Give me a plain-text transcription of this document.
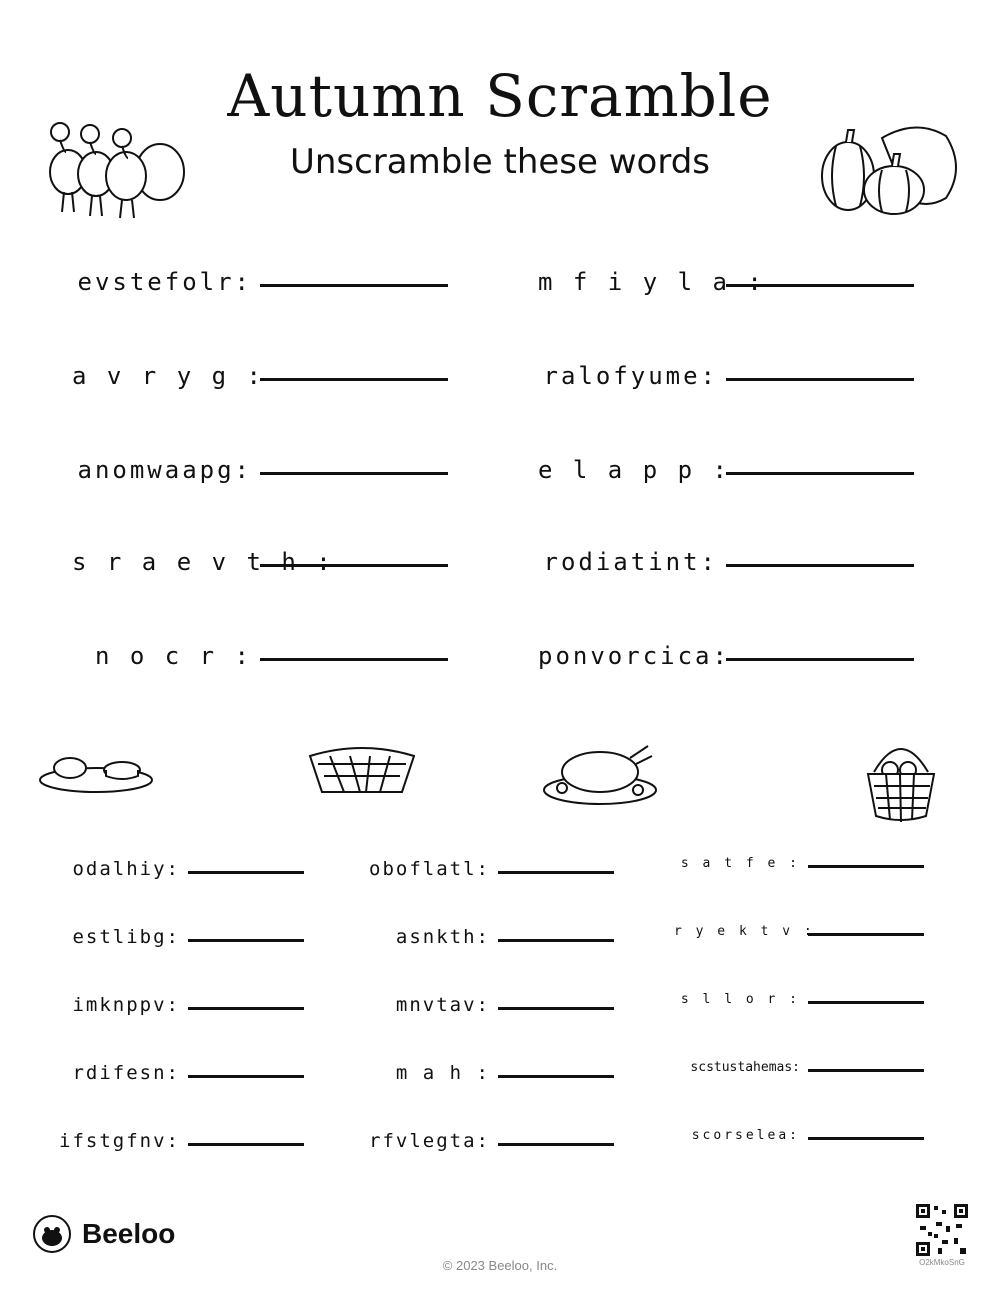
Autumn Scramble
Unscramble these words
evstefolr:
a v r y g :
anomwaapg:
s r a e v t h :
n o c r :
m f i y l a :
ralofyume:
e l a p p :
rodiatint:
ponvorcica:
odalhiy:
estlibg:
imknppv:
rdifesn:
ifstgfnv:
oboflatl:
asnkth:
mnvtav:
m a h :
rfvlegta:
s a t f e :
r y e k t v :
s l l o r :
scstustahemas:
scorselea:
Beeloo
© 2023 Beeloo, Inc.	O2kMkoSnG
